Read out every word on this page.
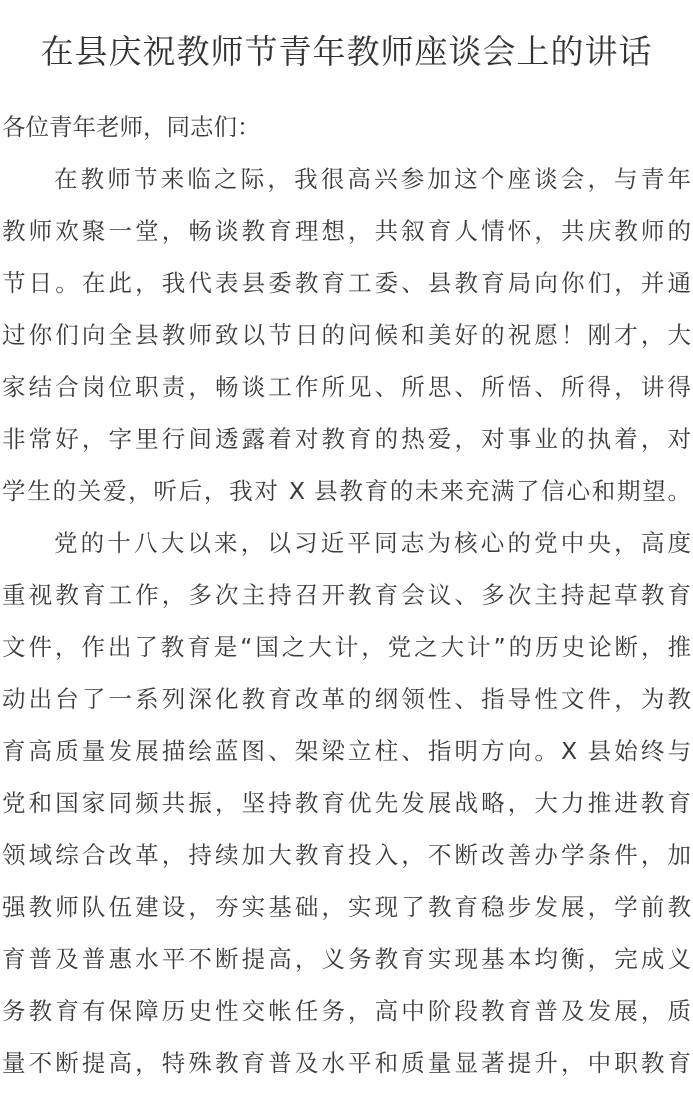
在县庆祝教师节青年教师座谈会上的讲话
各位青年老师，同志们：
在教师节来临之际，我很高兴参加这个座谈会，与青年
教师欢聚一堂，畅谈教育理想，共叙育人情怀，共庆教师的
节日。在此，我代表县委教育工委、县教育局向你们，并通
过你们向全县教师致以节日的问候和美好的祝愿！刚才，大
家结合岗位职责，畅谈工作所见、所思、所悟、所得，讲得
非常好，字里行间透露着对教育的热爱，对事业的执着，对
学生的关爱，听后，我对 X 县教育的未来充满了信心和期望。
党的十八大以来，以习近平同志为核心的党中央，高度
重视教育工作，多次主持召开教育会议、多次主持起草教育
文件，作出了教育是“国之大计，党之大计”的历史论断，推
动出台了一系列深化教育改革的纲领性、指导性文件，为教
育高质量发展描绘蓝图、架梁立柱、指明方向。X 县始终与
党和国家同频共振，坚持教育优先发展战略，大力推进教育
领域综合改革，持续加大教育投入，不断改善办学条件，加
强教师队伍建设，夯实基础，实现了教育稳步发展，学前教
育普及普惠水平不断提高，义务教育实现基本均衡，完成义
务教育有保障历史性交帐任务，高中阶段教育普及发展，质
量不断提高，特殊教育普及水平和质量显著提升，中职教育
